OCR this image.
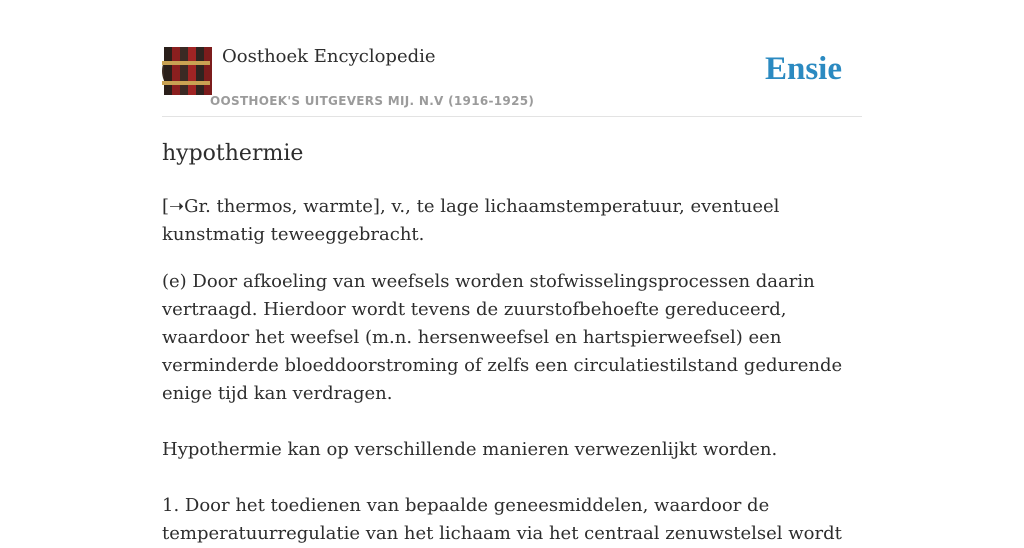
Oosthoek Encyclopedie
OOSTHOEK'S UITGEVERS MIJ. N.V (1916-1925)
Ensie
hypothermie

[➝Gr. thermos, warmte], v., te lage lichaamstemperatuur, eventueel kunstmatig teweeggebracht.

(e) Door afkoeling van weefsels worden stofwisselingsprocessen daarin vertraagd. Hierdoor wordt tevens de zuurstofbehoefte gereduceerd, waardoor het weefsel (m.n. hersenweefsel en hartspierweefsel) een verminderde bloeddoorstroming of zelfs een circulatiestilstand gedurende enige tijd kan verdragen.

Hypothermie kan op verschillende manieren verwezenlijkt worden.

1. Door het toedienen van bepaalde geneesmiddelen, waardoor de temperatuurregulatie van het lichaam via het centraal zenuwstelsel wordt
